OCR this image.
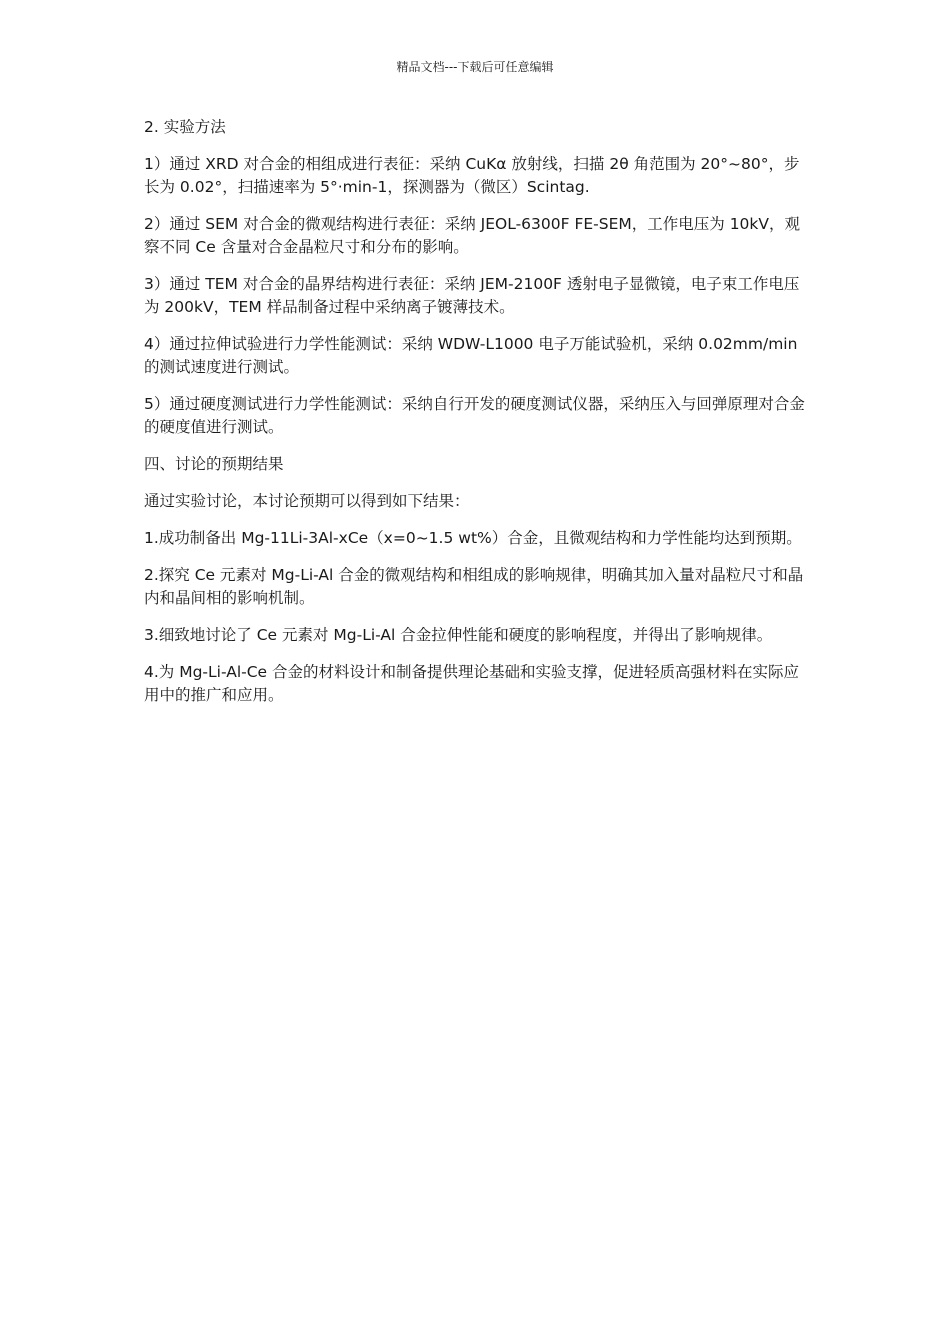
精品文档---下载后可任意编辑

2. 实验方法

1）通过 XRD 对合金的相组成进行表征：采纳 CuKα 放射线，扫描 2θ 角范围为 20°~80°，步长为 0.02°，扫描速率为 5°·min-1，探测器为（微区）Scintag.

2）通过 SEM 对合金的微观结构进行表征：采纳 JEOL-6300F FE-SEM，工作电压为 10kV，观察不同 Ce 含量对合金晶粒尺寸和分布的影响。

3）通过 TEM 对合金的晶界结构进行表征：采纳 JEM-2100F 透射电子显微镜，电子束工作电压为 200kV，TEM 样品制备过程中采纳离子镀薄技术。

4）通过拉伸试验进行力学性能测试：采纳 WDW-L1000 电子万能试验机，采纳 0.02mm/min 的测试速度进行测试。

5）通过硬度测试进行力学性能测试：采纳自行开发的硬度测试仪器，采纳压入与回弹原理对合金的硬度值进行测试。

四、讨论的预期结果

通过实验讨论，本讨论预期可以得到如下结果：

1.成功制备出 Mg-11Li-3Al-xCe（x=0~1.5 wt%）合金，且微观结构和力学性能均达到预期。

2.探究 Ce 元素对 Mg-Li-Al 合金的微观结构和相组成的影响规律，明确其加入量对晶粒尺寸和晶内和晶间相的影响机制。

3.细致地讨论了 Ce 元素对 Mg-Li-Al 合金拉伸性能和硬度的影响程度，并得出了影响规律。

4.为 Mg-Li-Al-Ce 合金的材料设计和制备提供理论基础和实验支撑，促进轻质高强材料在实际应用中的推广和应用。
